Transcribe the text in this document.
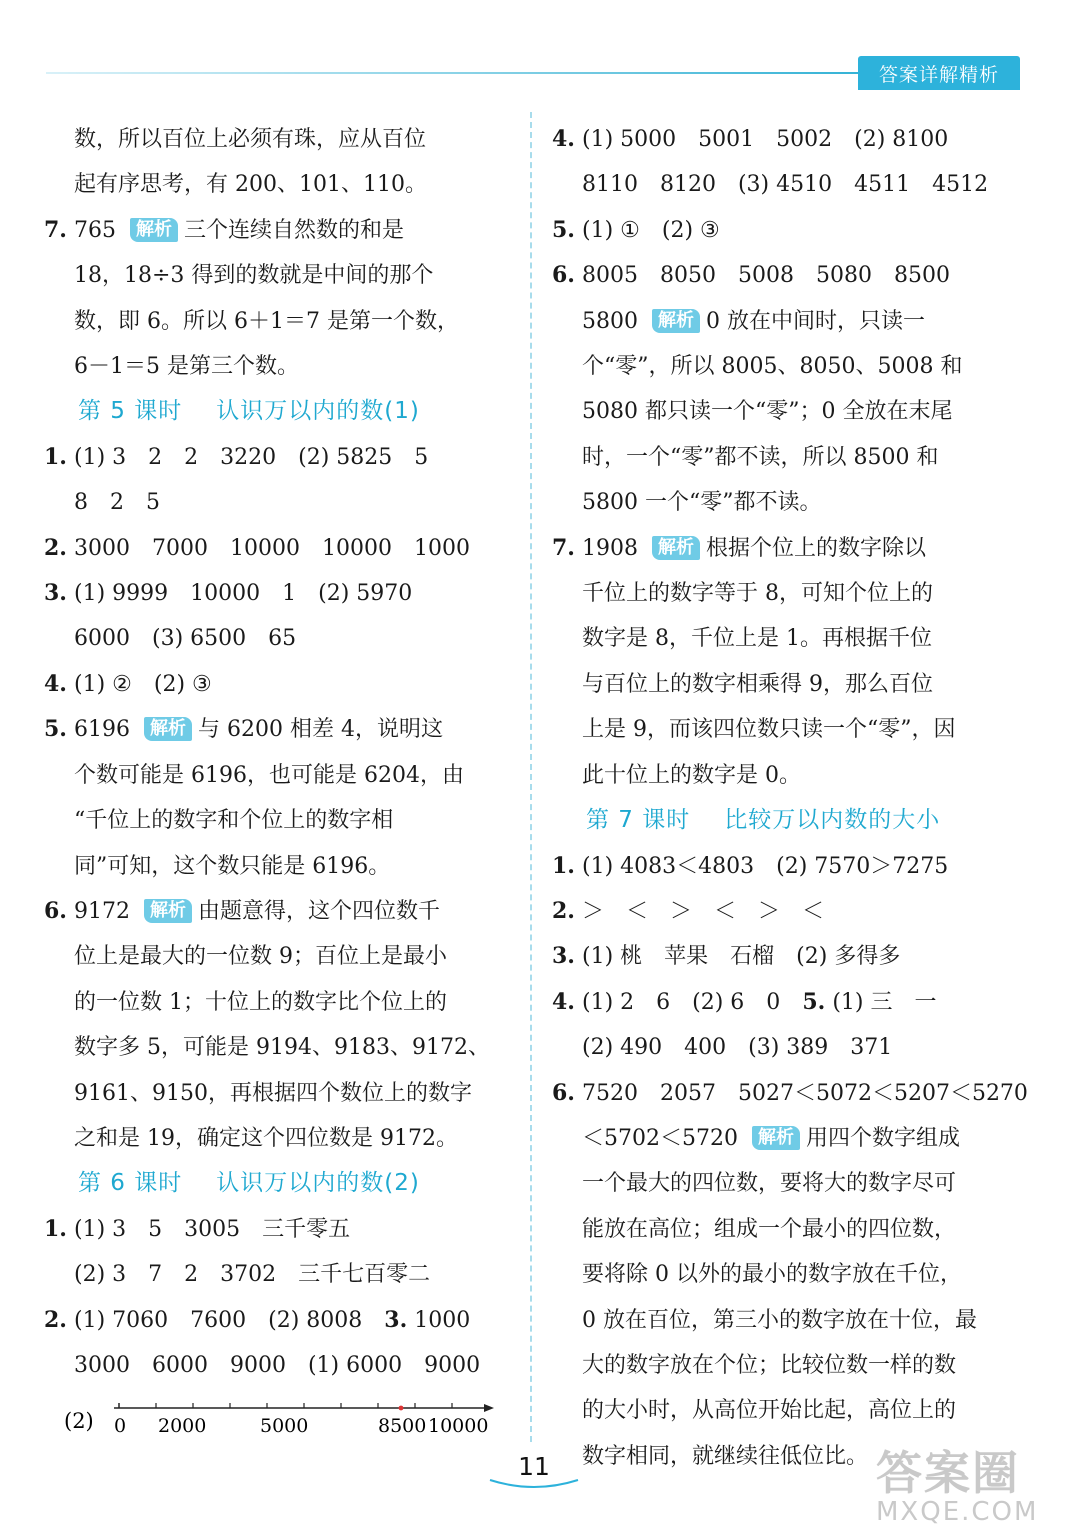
答案详解精析

数，所以百位上必须有珠，应从百位

起有序思考，有 200、101、110。

7. 765 解析 三个连续自然数的和是

18，18÷3 得到的数就是中间的那个

数，即 6。所以 6＋1＝7 是第一个数，

6－1＝5 是第三个数。

第 5 课时 认识万以内的数(1)

1. (1) 3　2　2　3220　(2) 5825　5

8　2　5

2. 3000　7000　10000　10000　1000

3. (1) 9999　10000　1　(2) 5970

6000　(3) 6500　65

4. (1) ②　(2) ③

5. 6196 解析 与 6200 相差 4，说明这

个数可能是 6196，也可能是 6204，由

“千位上的数字和个位上的数字相

同”可知，这个数只能是 6196。

6. 9172 解析 由题意得，这个四位数千

位上是最大的一位数 9；百位上是最小

的一位数 1；十位上的数字比个位上的

数字多 5，可能是 9194、9183、9172、

9161、9150，再根据四个数位上的数字

之和是 19，确定这个四位数是 9172。

第 6 课时 认识万以内的数(2)

1. (1) 3　5　3005　三千零五

(2) 3　7　2　3702　三千七百零二

2. (1) 7060　7600　(2) 8008　3. 1000

3000　6000　9000　(1) 6000　9000

4. (1) 5000　5001　5002　(2) 8100

8110　8120　(3) 4510　4511　4512

5. (1) ①　(2) ③

6. 8005　8050　5008　5080　8500

5800 解析 0 放在中间时，只读一

个“零”，所以 8005、8050、5008 和

5080 都只读一个“零”；0 全放在末尾

时，一个“零”都不读，所以 8500 和

5800 一个“零”都不读。

7. 1908 解析 根据个位上的数字除以

千位上的数字等于 8，可知个位上的

数字是 8，千位上是 1。再根据千位

与百位上的数字相乘得 9，那么百位

上是 9，而该四位数只读一个“零”，因

此十位上的数字是 0。

第 7 课时 比较万以内数的大小

1. (1) 4083＜4803　(2) 7570＞7275

2. ＞　＜　＞　＜　＞　＜

3. (1) 桃　苹果　石榴　(2) 多得多

4. (1) 2　6　(2) 6　0　5. (1) 三　一

(2) 490　400　(3) 389　371

6. 7520　2057　5027＜5072＜5207＜5270

＜5702＜5720 解析 用四个数字组成

一个最大的四位数，要将大的数字尽可

能放在高位；组成一个最小的四位数，

要将除 0 以外的最小的数字放在千位，

0 放在百位，第三小的数字放在十位，最

大的数字放在个位；比较位数一样的数

的大小时，从高位开始比起，高位上的

数字相同，就继续往低位比。

(2) 0 2000	5000	8500 10000
11	答案圈
MXQE.COM
